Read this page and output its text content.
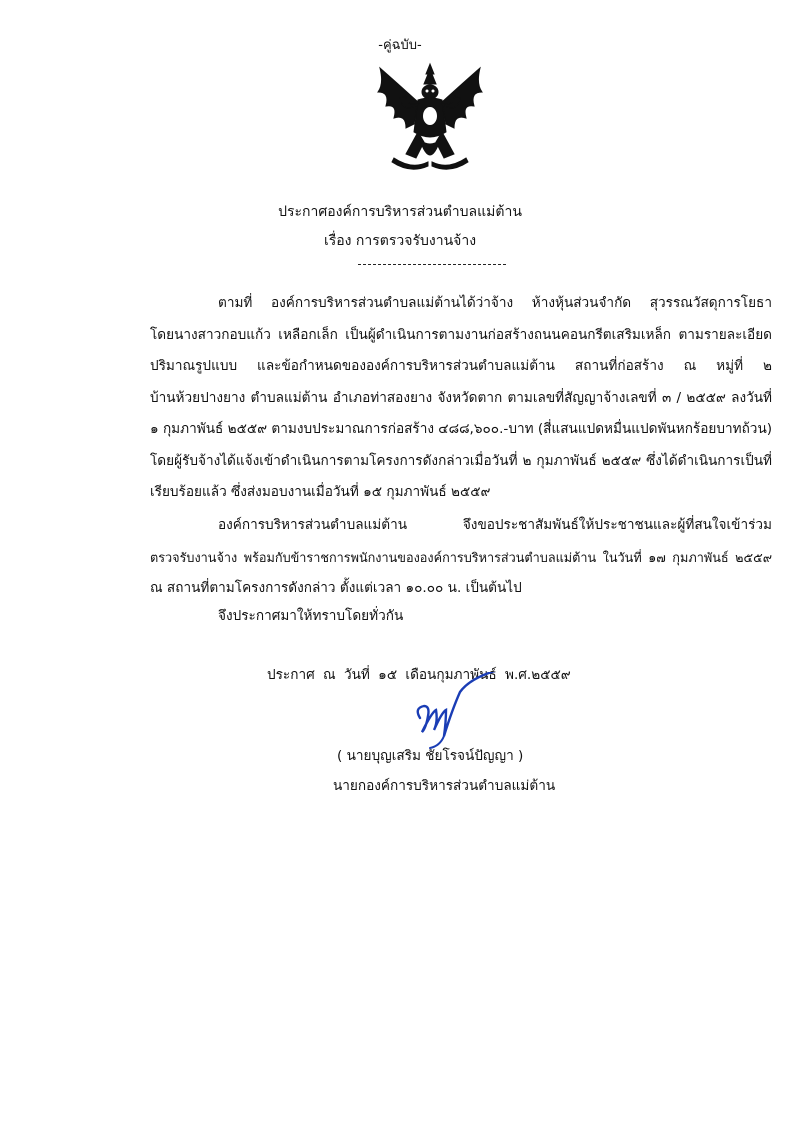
-คู่ฉบับ-
ประกาศองค์การบริหารส่วนตำบลแม่ต้าน
เรื่อง การตรวจรับงานจ้าง
ตามที่ องค์การบริหารส่วนตำบลแม่ต้านได้ว่าจ้าง ห้างหุ้นส่วนจำกัด สุวรรณวัสดุการโยธา
โดยนางสาวกอบแก้ว เหลือกเล็ก เป็นผู้ดำเนินการตามงานก่อสร้างถนนคอนกรีตเสริมเหล็ก ตามรายละเอียด
ปริมาณรูปแบบ และข้อกำหนดขององค์การบริหารส่วนตำบลแม่ต้าน สถานที่ก่อสร้าง ณ หมู่ที่ ๒
บ้านห้วยปางยาง ตำบลแม่ต้าน อำเภอท่าสองยาง จังหวัดตาก ตามเลขที่สัญญาจ้างเลขที่ ๓ / ๒๕๕๙ ลงวันที่
๑ กุมภาพันธ์ ๒๕๕๙ ตามงบประมาณการก่อสร้าง ๔๘๘,๖๐๐.-บาท (สี่แสนแปดหมื่นแปดพันหกร้อยบาทถ้วน)
โดยผู้รับจ้างได้แจ้งเข้าดำเนินการตามโครงการดังกล่าวเมื่อวันที่ ๒ กุมภาพันธ์ ๒๕๕๙ ซึ่งได้ดำเนินการเป็นที่
เรียบร้อยแล้ว ซึ่งส่งมอบงานเมื่อวันที่ ๑๕ กุมภาพันธ์ ๒๕๕๙
องค์การบริหารส่วนตำบลแม่ต้าน จึงขอประชาสัมพันธ์ให้ประชาชนและผู้ที่สนใจเข้าร่วม
ตรวจรับงานจ้าง พร้อมกับข้าราชการพนักงานขององค์การบริหารส่วนตำบลแม่ต้าน ในวันที่ ๑๗ กุมภาพันธ์ ๒๕๕๙
ณ สถานที่ตามโครงการดังกล่าว ตั้งแต่เวลา ๑๐.๐๐ น. เป็นต้นไป
จึงประกาศมาให้ทราบโดยทั่วกัน
ประกาศ ณ วันที่ ๑๕ เดือนกุมภาพันธ์ พ.ศ.๒๕๕๙
( นายบุญเสริม ชัยโรจน์ปัญญา )
นายกองค์การบริหารส่วนตำบลแม่ต้าน
